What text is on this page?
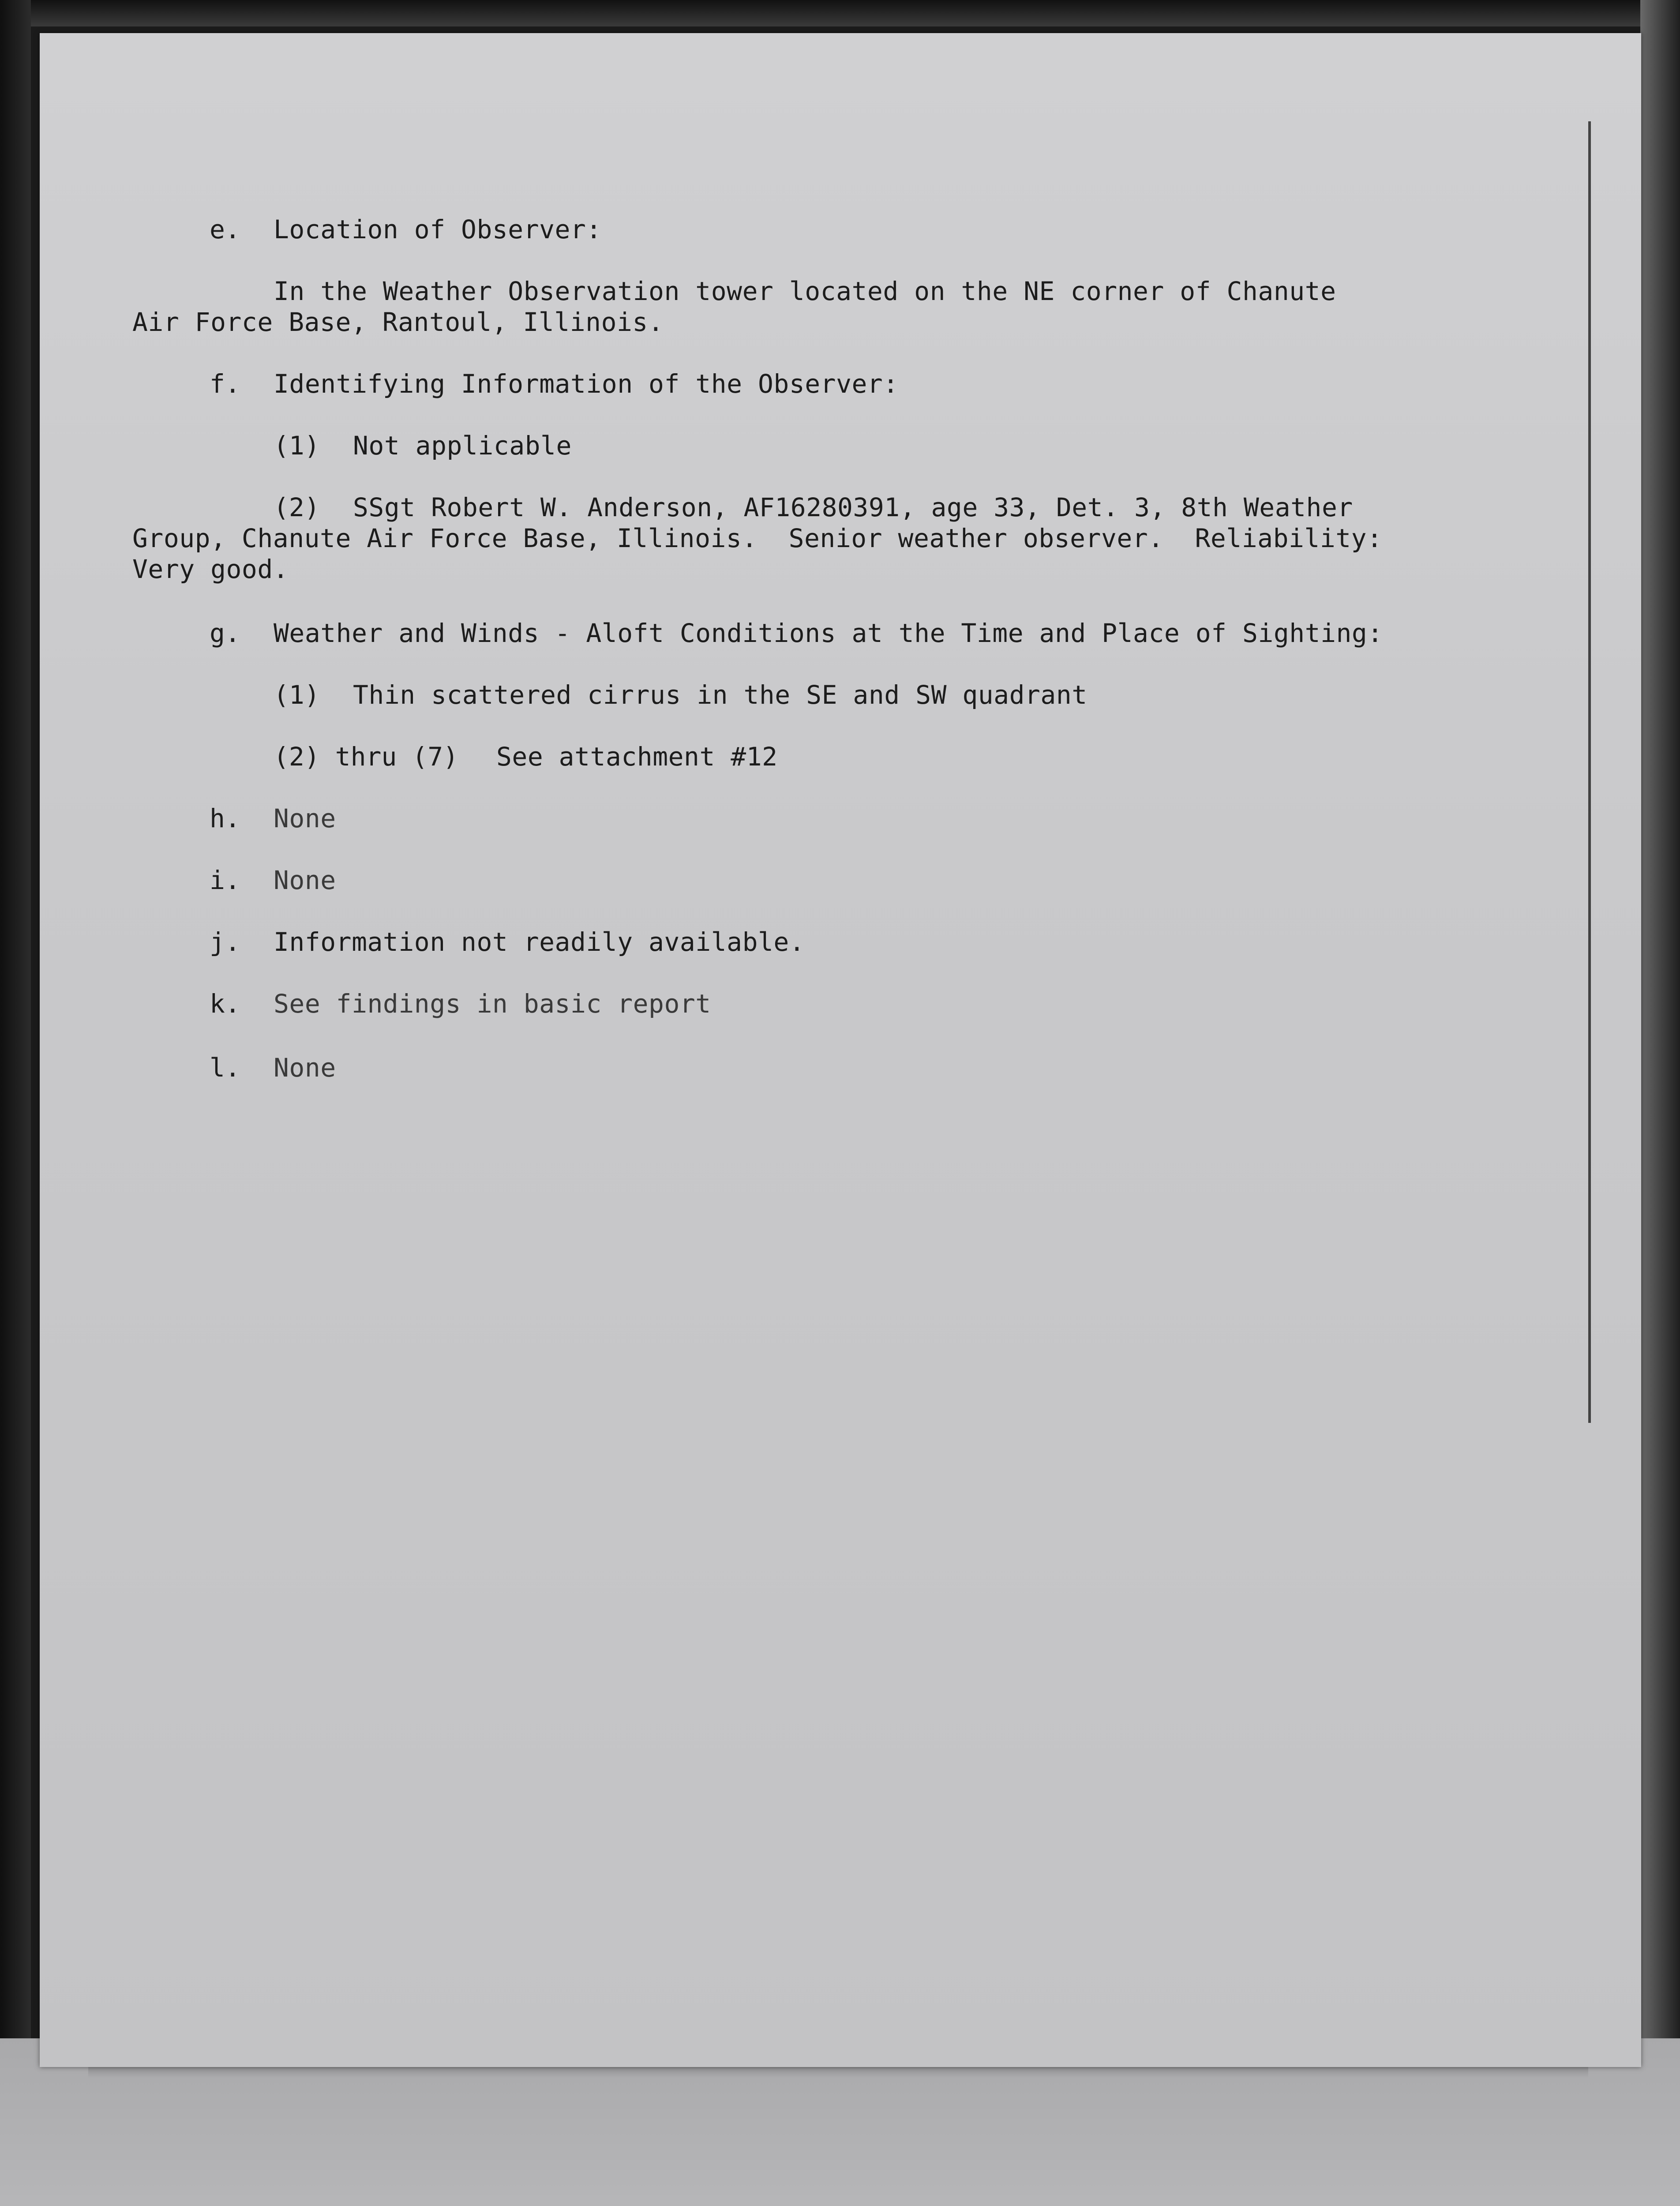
e. Location of Observer:
In the Weather Observation tower located on the NE corner of Chanute
Air Force Base, Rantoul, Illinois.
f. Identifying Information of the Observer:
(1) Not applicable
(2) SSgt Robert W. Anderson, AF16280391, age 33, Det. 3, 8th Weather
Group, Chanute Air Force Base, Illinois.  Senior weather observer.  Reliability:
Very good.
g. Weather and Winds - Aloft Conditions at the Time and Place of Sighting:
(1) Thin scattered cirrus in the SE and SW quadrant
(2) thru (7) See attachment #12
h. None
i. None
j. Information not readily available.
k. See findings in basic report
l. None
